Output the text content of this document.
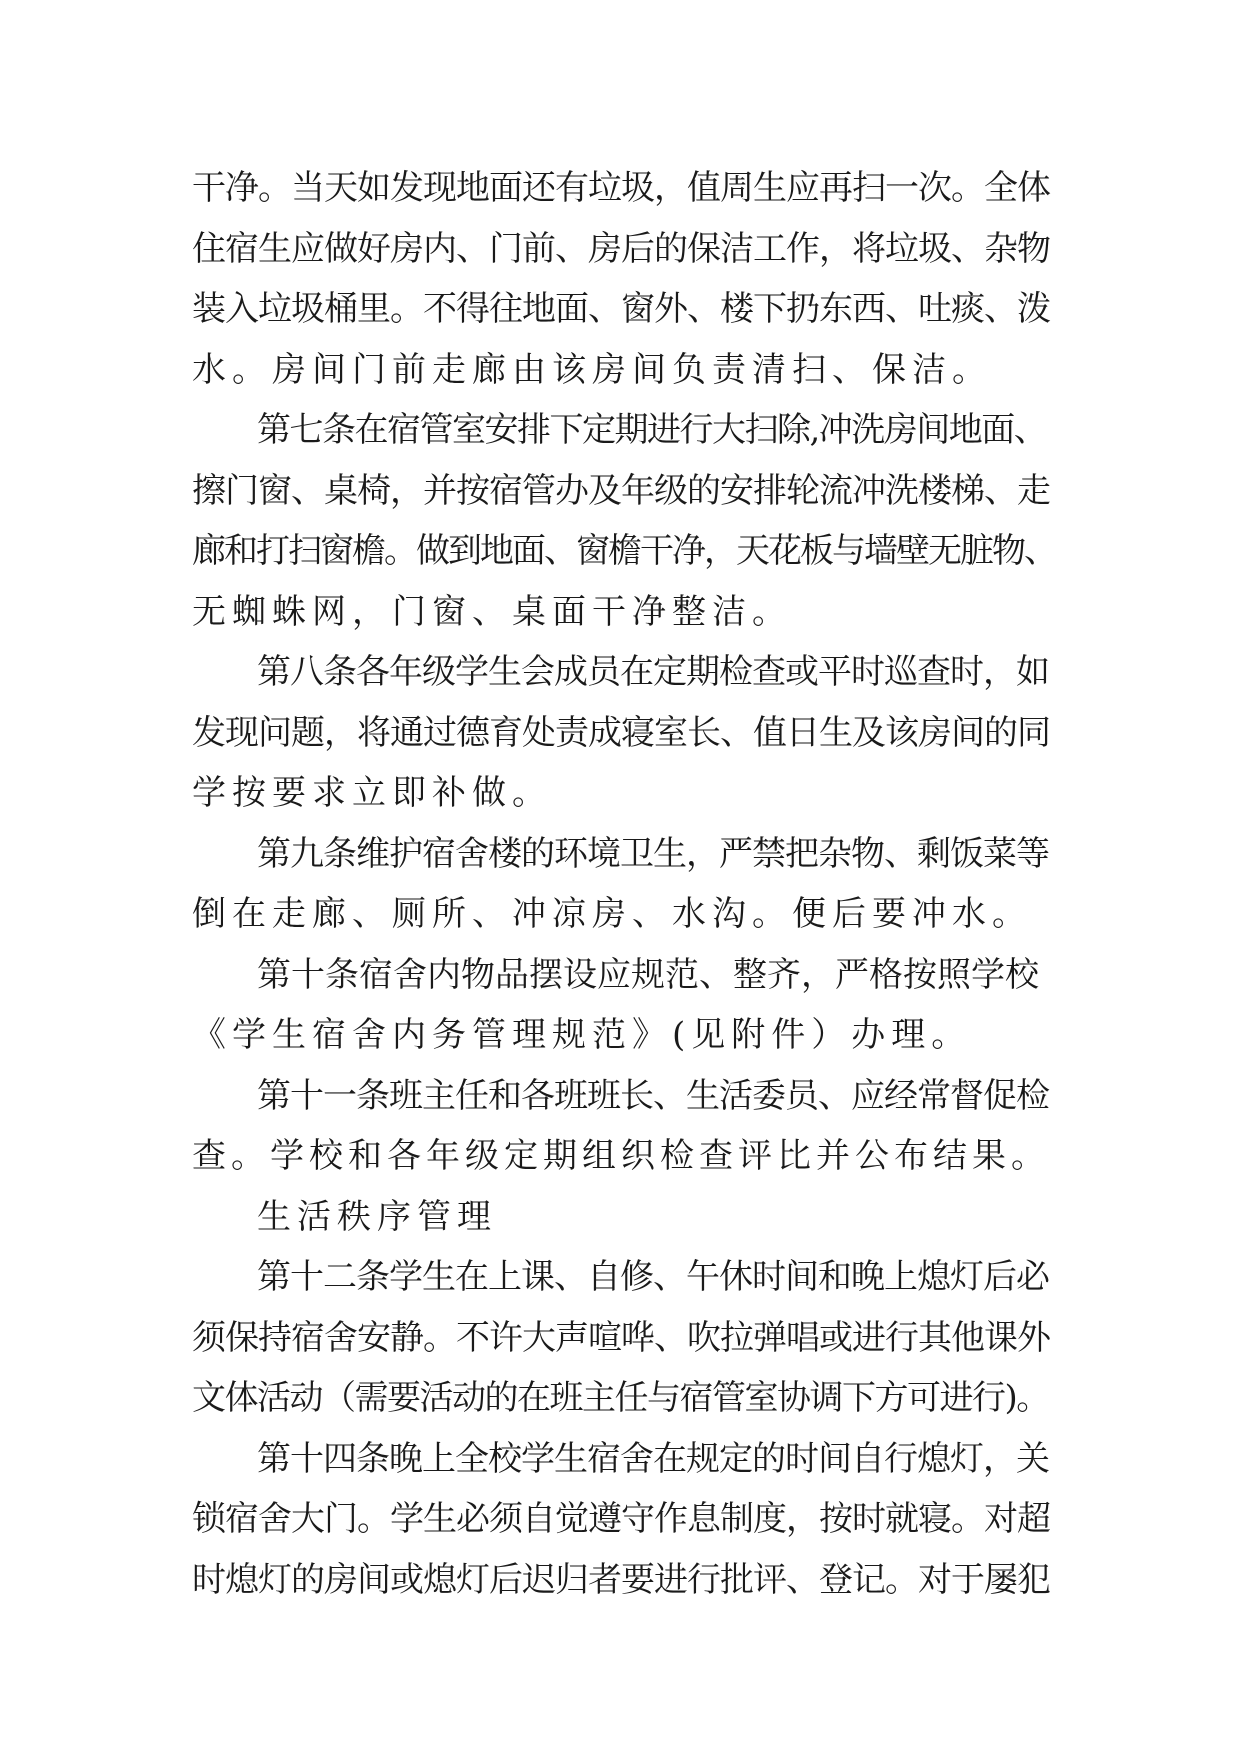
干净。当天如发现地面还有垃圾，值周生应再扫一次。全体
住宿生应做好房内、门前、房后的保洁工作，将垃圾、杂物
装入垃圾桶里。不得往地面、窗外、楼下扔东西、吐痰、泼
水。房间门前走廊由该房间负责清扫、保洁。
第七条在宿管室安排下定期进行大扫除,冲洗房间地面、
擦门窗、桌椅，并按宿管办及年级的安排轮流冲洗楼梯、走
廊和打扫窗檐。做到地面、窗檐干净，天花板与墙壁无脏物、
无蜘蛛网，门窗、桌面干净整洁。
第八条各年级学生会成员在定期检查或平时巡查时，如
发现问题，将通过德育处责成寝室长、值日生及该房间的同
学按要求立即补做。
第九条维护宿舍楼的环境卫生，严禁把杂物、剩饭菜等
倒在走廊、厕所、冲凉房、水沟。便后要冲水。
第十条宿舍内物品摆设应规范、整齐，严格按照学校
《学生宿舍内务管理规范》(见附件）办理。
第十一条班主任和各班班长、生活委员、应经常督促检
查。学校和各年级定期组织检查评比并公布结果。
生活秩序管理
第十二条学生在上课、自修、午休时间和晚上熄灯后必
须保持宿舍安静。不许大声喧哗、吹拉弹唱或进行其他课外
文体活动（需要活动的在班主任与宿管室协调下方可进行)。
第十四条晚上全校学生宿舍在规定的时间自行熄灯，关
锁宿舍大门。学生必须自觉遵守作息制度，按时就寝。对超
时熄灯的房间或熄灯后迟归者要进行批评、登记。对于屡犯
